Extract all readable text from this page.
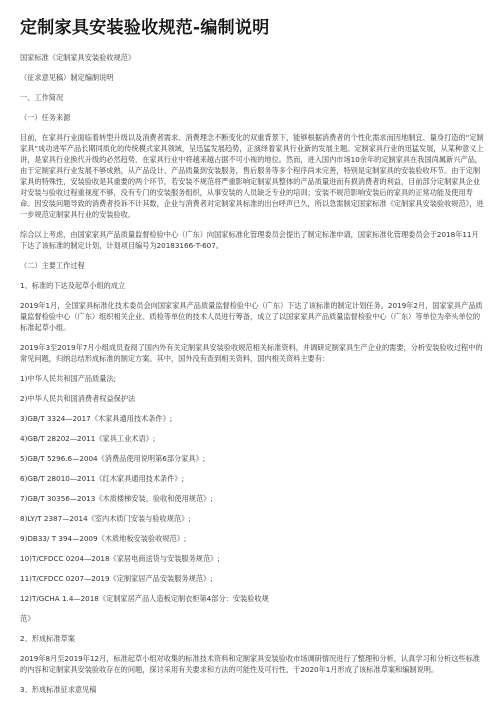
定制家具安装验收规范-编制说明

国家标准《定制家具安装验收规范》

（征求意见稿）制定编制说明

一、工作简况

（一）任务来源

目前，在家具行业面临着转型升级以及消费者需求、消费理念不断变化的双重背景下，能够根据消费者的个性化需求而因地制宜、量身打造的“定制家具”成功进军产品长期同质化的传统模式家具领域，呈迅猛发展趋势，正演绎着家具行业新的发展主题。定制家具行业的迅猛发展，从某种意义上讲，是家具行业换代升级的必然趋势，在家具行业中将越来越占据不可小视的地位。然而，进入国内市场10余年的定制家具在我国尚属新兴产品，由于定制家具行业发展不够成熟，从产品设计、产品质量到安装服务，售后服务等多个程序尚未完善，特别是定制家具的安装验收环节。由于定制家具的特殊性，安装验收是其重要的两个环节，若安装不规范将严重影响定制家具整体的产品质量进而有损消费者的利益，目前部分定制家具企业对安装与验收过程重视度不够，没有专门的安装服务组织，从事安装的人员缺乏专业的培训；安装不规范影响安装后的家具的正常功能及使用寿命。因安装问题导致的消费者投诉不计其数，企业与消费者对定制家具标准的出台呼声已久，所以急需制定国家标准《定制家具安装验收规范》，进一步规范定制家具行业的安装验收。

综合以上考虑，由国家家具产品质量监督检验中心（广东）向国家标准化管理委员会提出了制定标准申请，国家标准化管理委员会于2018年11月下达了该标准的制定计划，计划项目编号为20183166-T-607。

（二）主要工作过程

1、标准的下达及起草小组的成立

2019年1月，全国家具标准化技术委员会向国家家具产品质量监督检验中心（广东）下达了该标准的制定计划任务。2019年2月，国家家具产品质量监督检验中心（广东）组织相关企业、质检等单位的技术人员进行筹备，成立了以国家家具产品质量监督检验中心（广东）等单位为牵头单位的标准起草小组。

2019年3至2019年7月小组成员查阅了国内外有关定制家具安装验收规范相关标准资料，并调研定制家具生产企业的需要，分析安装验收过程中的常见问题，归纳总结形成标准的制定方案。其中，国外没有查到相关资料，国内相关资料主要有：

1)中华人民共和国产品质量法;

2)中华人民共和国消费者权益保护法

3)GB/T 3324—2017《木家具通用技术条件》;

4)GB/T 28202—2011《家具工业术语》;

5)GB/T 5296.6—2004《消费品使用说明第6部分家具》;

6)GB/T 28010—2011《红木家具通用技术条件》;

7)GB/T 30356—2013《木质楼梯安装、验收和使用规范》;

8)LY/T 2387—2014《室内木质门安装与验收规范》;

9)DB33/ T 394—2009《木质地板安装验收规范》;

10)T/CFDCC 0204—2018《家居电商送货与安装服务规范》;

11)T/CFDCC 0207—2019《定制家居产品安装服务规范》;

12)T/GCHA 1.4—2018《定制家居产品人造板定制衣柜第4部分：安装验收规

范》

2、形成标准草案

2019年8月至2019年12月，标准起草小组对收集的标准技术资料和定制家具安装验收市场调研情况进行了整理和分析，认真学习和分析这些标准的内容和定制家具安装验收存在的问题，探讨采用有关要求和方法的可能性及可行性，于2020年1月形成了该标准草案和编制说明。

3、形成标准征求意见稿
